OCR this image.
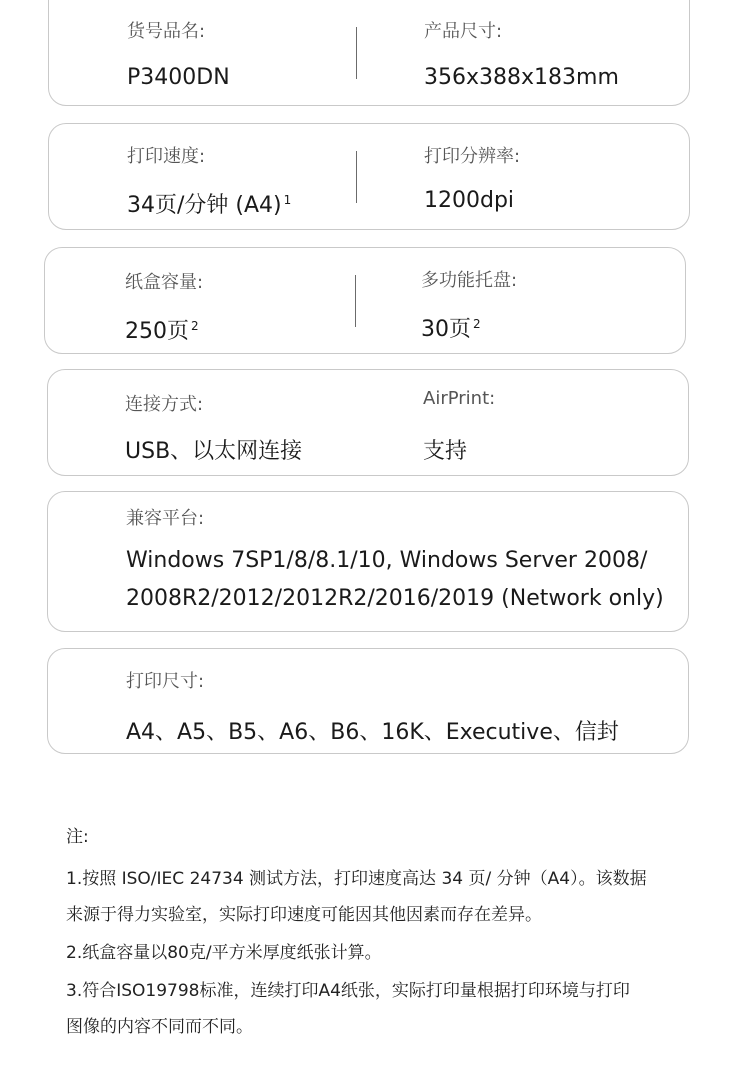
货号品名:
P3400DN
产品尺寸:
356x388x183mm
打印速度:
34页/分钟 (A4) $^1$
打印分辨率:
1200dpi
纸盒容量:
250页 $^2$
多功能托盘:
30页 $^2$
连接方式:
USB、以太网连接
AirPrint:
支持
兼容平台:
Windows 7SP1/8/8.1/10, Windows Server 2008/
2008R2/2012/2012R2/2016/2019 (Network only)
打印尺寸:
A4、A5、B5、A6、B6、16K、Executive、信封
注:
1.按照 ISO/IEC 24734 测试方法，打印速度高达 34 页/ 分钟（A4）。该数据
来源于得力实验室，实际打印速度可能因其他因素而存在差异。
2.纸盒容量以80克/平方米厚度纸张计算。
3.符合ISO19798标准，连续打印A4纸张，实际打印量根据打印环境与打印
图像的内容不同而不同。
